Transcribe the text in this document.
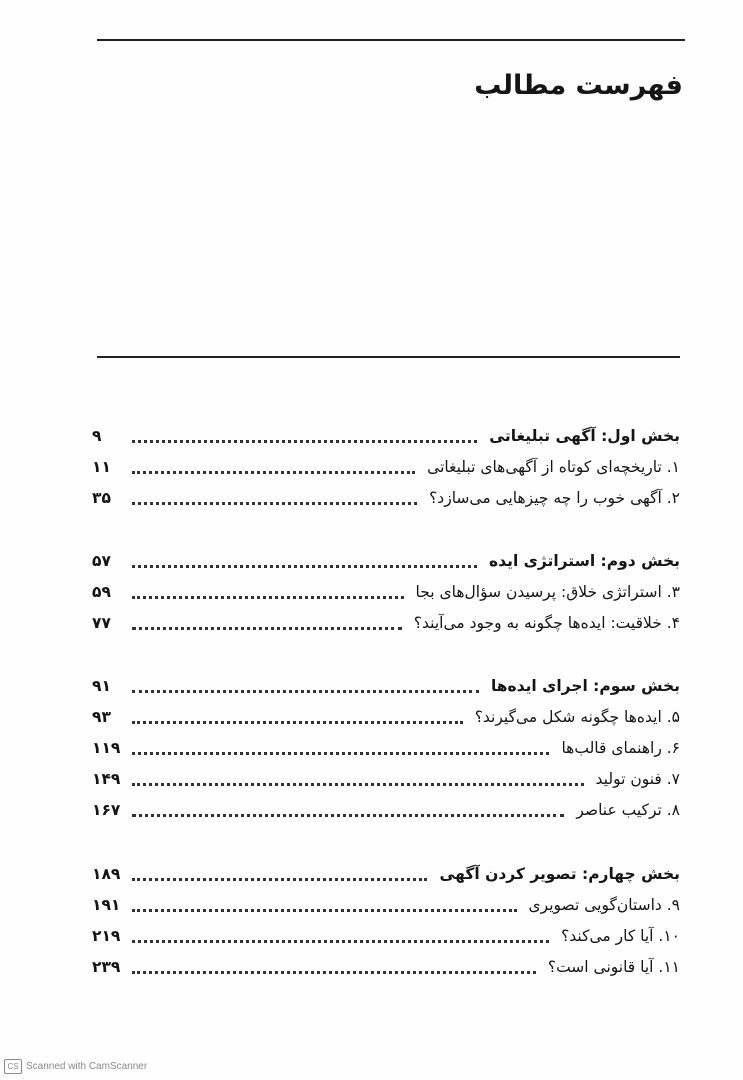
فهرست مطالب
بخش اول: آگهی تبلیغاتی
۹
۱. تاریخچه‌ای کوتاه از آگهی‌های تبلیغاتی
۱۱
۲. آگهی خوب را چه چیزهایی می‌سازد؟
۳۵
بخش دوم: استراتژی ایده
۵۷
۳. استراتژی خلاق: پرسیدن سؤال‌های بجا
۵۹
۴. خلاقیت: ایده‌ها چگونه به وجود می‌آیند؟
۷۷
بخش سوم: اجرای ایده‌ها
۹۱
۵. ایده‌ها چگونه شکل می‌گیرند؟
۹۳
۶. راهنمای قالب‌ها
۱۱۹
۷. فنون تولید
۱۴۹
۸. ترکیب عناصر
۱۶۷
بخش چهارم: تصویر کردن آگهی
۱۸۹
۹. داستان‌گویی تصویری
۱۹۱
۱۰. آیا کار می‌کند؟
۲۱۹
۱۱. آیا قانونی است؟
۲۳۹
CS Scanned with CamScanner
